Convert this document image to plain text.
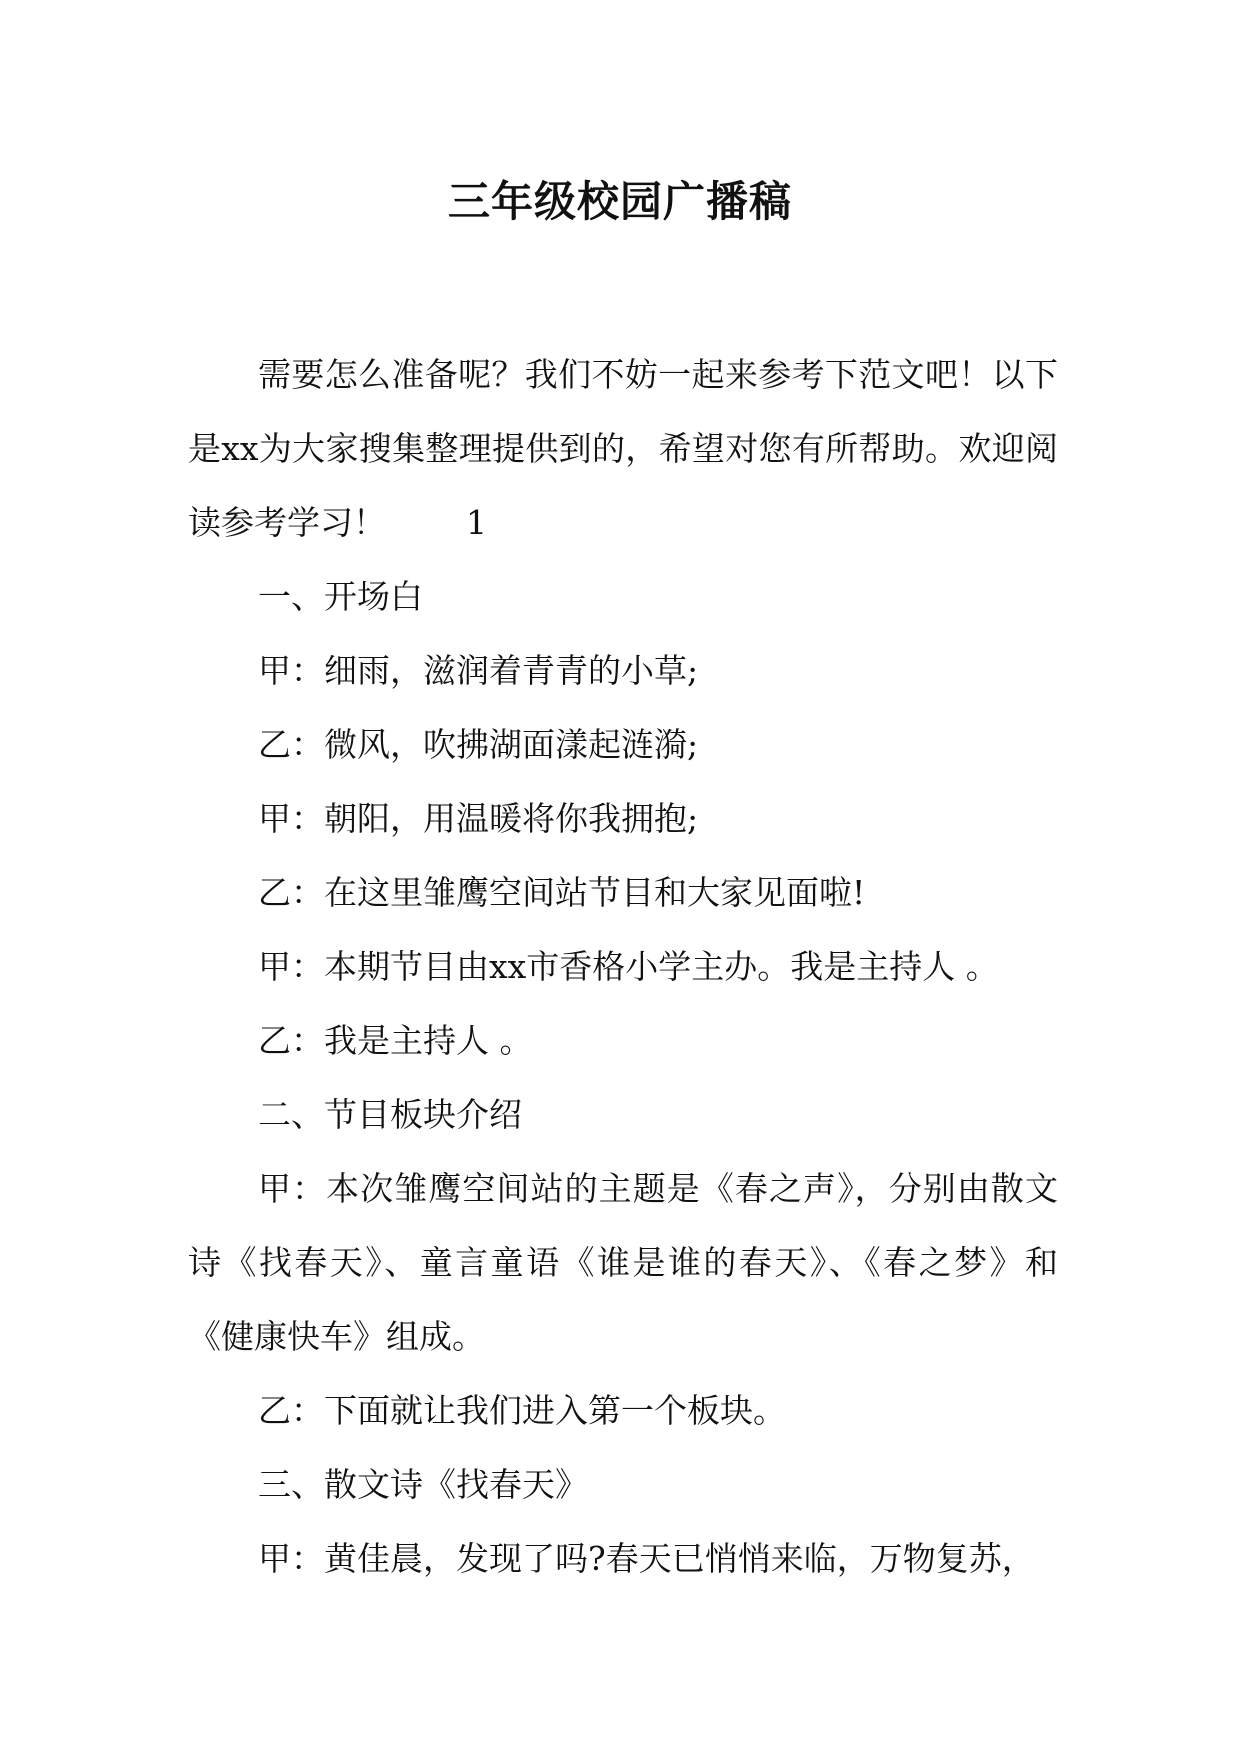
三年级校园广播稿

需要怎么准备呢？我们不妨一起来参考下范文吧！以下是xx为大家搜集整理提供到的，希望对您有所帮助。欢迎阅读参考学习！ 1

一、开场白

甲：细雨，滋润着青青的小草;

乙：微风，吹拂湖面漾起涟漪;

甲：朝阳，用温暖将你我拥抱;

乙：在这里雏鹰空间站节目和大家见面啦!

甲：本期节目由xx市香格小学主办。我是主持人 。

乙：我是主持人 。

二、节目板块介绍

甲：本次雏鹰空间站的主题是《春之声》，分别由散文诗《找春天》、童言童语《谁是谁的春天》、《春之梦》和《健康快车》组成。

乙：下面就让我们进入第一个板块。

三、散文诗《找春天》

甲：黄佳晨，发现了吗?春天已悄悄来临，万物复苏，
